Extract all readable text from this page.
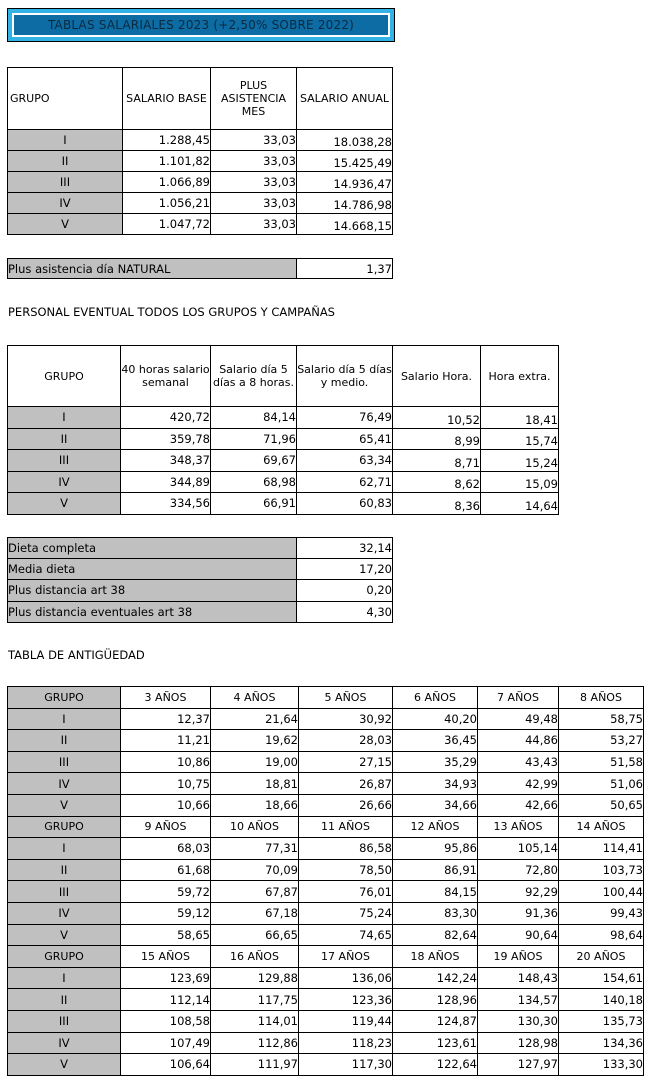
TABLAS SALARIALES 2023 (+2,50% SOBRE 2022)
GRUPO	SALARIO BASE	PLUS ASISTENCIA MES	SALARIO ANUAL
I	1.288,45	33,03	18.038,28
II	1.101,82	33,03	15.425,49
III	1.066,89	33,03	14.936,47
IV	1.056,21	33,03	14.786,98
V	1.047,72	33,03	14.668,15
Plus asistencia día NATURAL	1,37
PERSONAL EVENTUAL TODOS LOS GRUPOS Y CAMPAÑAS
GRUPO	40 horas salario semanal	Salario día 5 días a 8 horas.	Salario día 5 días y medio.	Salario Hora.	Hora extra.
I	420,72	84,14	76,49	10,52	18,41
II	359,78	71,96	65,41	8,99	15,74
III	348,37	69,67	63,34	8,71	15,24
IV	344,89	68,98	62,71	8,62	15,09
V	334,56	66,91	60,83	8,36	14,64
Dieta completa	32,14
Media dieta	17,20
Plus distancia art 38	0,20
Plus distancia eventuales art 38	4,30
TABLA DE ANTIGÜEDAD
GRUPO	3 AÑOS	4 AÑOS	5 AÑOS	6 AÑOS	7 AÑOS	8 AÑOS
I	12,37	21,64	30,92	40,20	49,48	58,75
II	11,21	19,62	28,03	36,45	44,86	53,27
III	10,86	19,00	27,15	35,29	43,43	51,58
IV	10,75	18,81	26,87	34,93	42,99	51,06
V	10,66	18,66	26,66	34,66	42,66	50,65
GRUPO	9 AÑOS	10 AÑOS	11 AÑOS	12 AÑOS	13 AÑOS	14 AÑOS
I	68,03	77,31	86,58	95,86	105,14	114,41
II	61,68	70,09	78,50	86,91	72,80	103,73
III	59,72	67,87	76,01	84,15	92,29	100,44
IV	59,12	67,18	75,24	83,30	91,36	99,43
V	58,65	66,65	74,65	82,64	90,64	98,64
GRUPO	15 AÑOS	16 AÑOS	17 AÑOS	18 AÑOS	19 AÑOS	20 AÑOS
I	123,69	129,88	136,06	142,24	148,43	154,61
II	112,14	117,75	123,36	128,96	134,57	140,18
III	108,58	114,01	119,44	124,87	130,30	135,73
IV	107,49	112,86	118,23	123,61	128,98	134,36
V	106,64	111,97	117,30	122,64	127,97	133,30
